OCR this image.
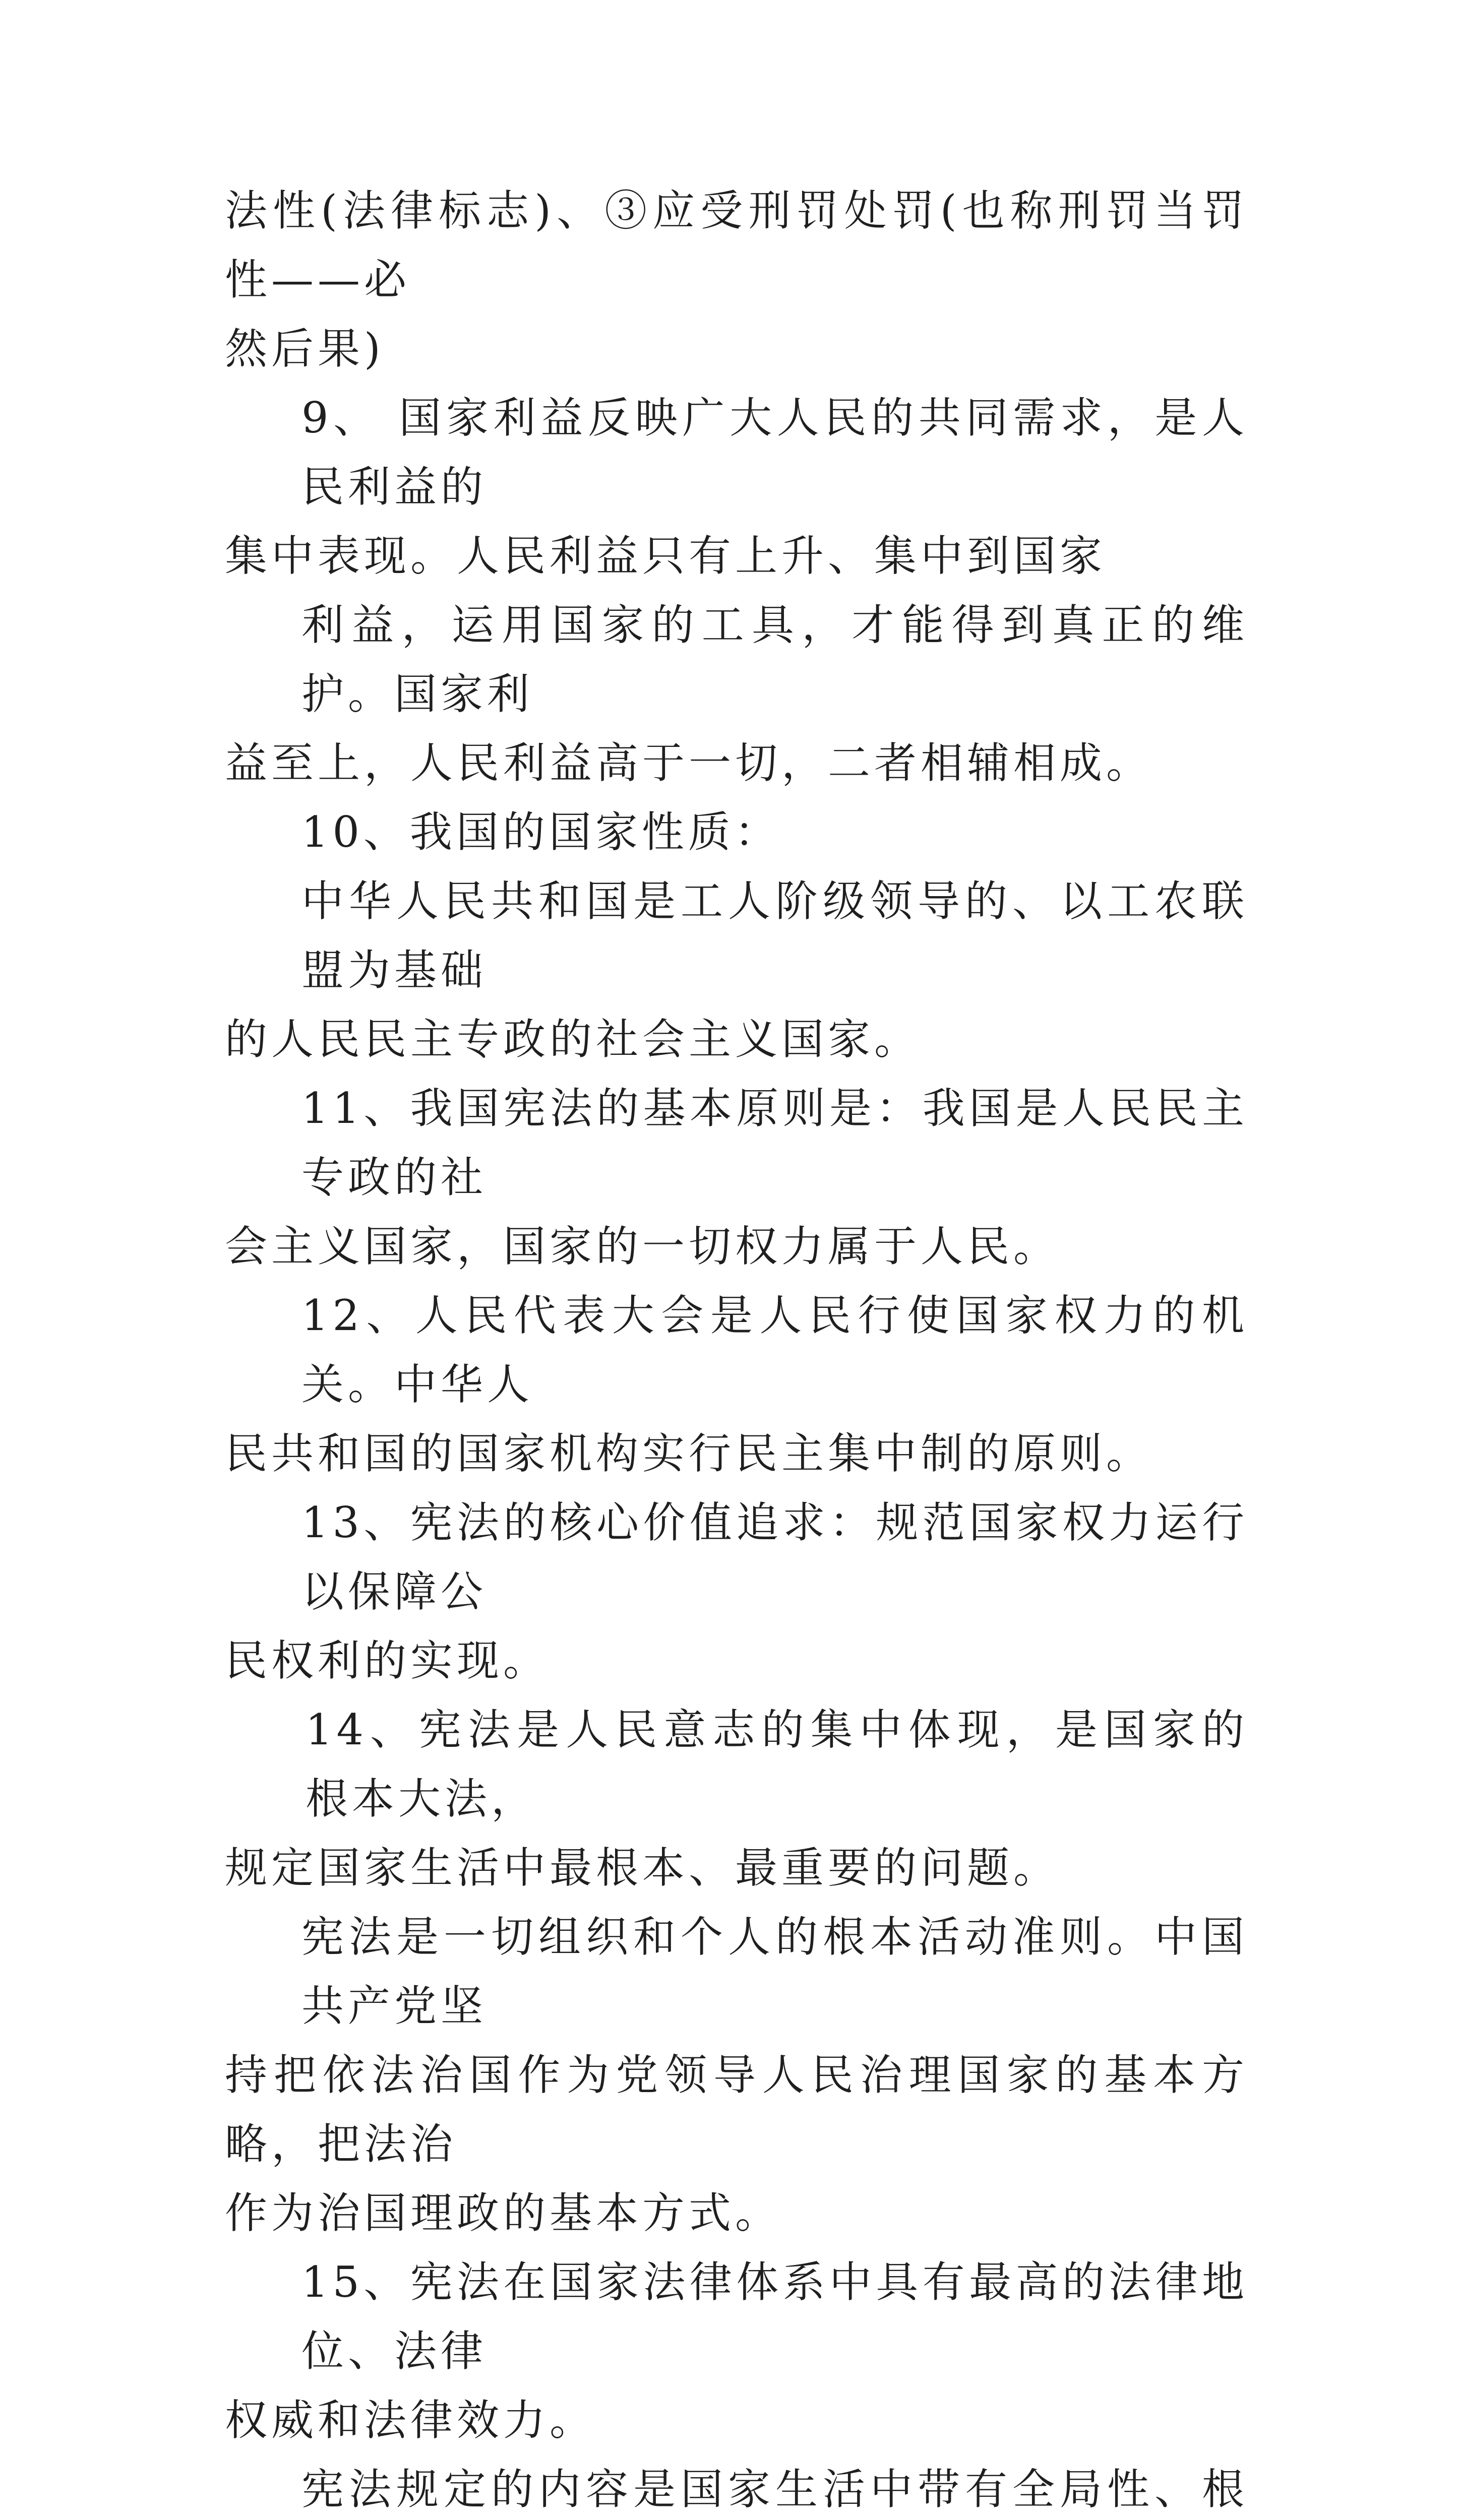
法性(法律标志)、③应受刑罚处罚(也称刑罚当罚性——必
然后果)

9、 国家利益反映广大人民的共同需求，是人民利益的
集中表现。人民利益只有上升、集中到国家

利益，运用国家的工具，才能得到真正的维护。国家利
益至上，人民利益高于一切，二者相辅相成。

10、我国的国家性质：

中华人民共和国是工人阶级领导的、以工农联盟为基础
的人民民主专政的社会主义国家。

11、我国宪法的基本原则是：我国是人民民主专政的社
会主义国家，国家的一切权力属于人民。

12、人民代表大会是人民行使国家权力的机关。中华人
民共和国的国家机构实行民主集中制的原则。

13、宪法的核心价值追求：规范国家权力运行以保障公
民权利的实现。

14、宪法是人民意志的集中体现，是国家的根本大法，
规定国家生活中最根本、最重要的问题。

宪法是一切组织和个人的根本活动准则。中国共产党坚
持把依法治国作为党领导人民治理国家的基本方略，把法治
作为治国理政的基本方式。

15、宪法在国家法律体系中具有最高的法律地位、法律
权威和法律效力。

宪法规定的内容是国家生活中带有全局性、根
